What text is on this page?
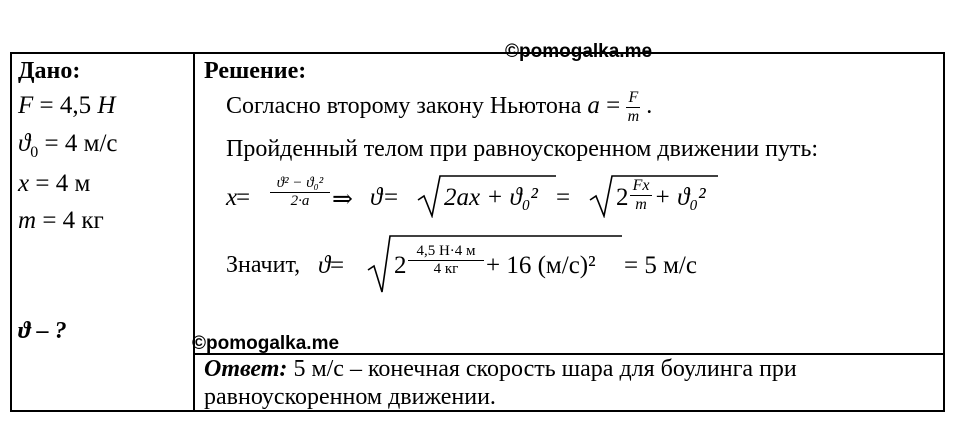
©pomogalka.me
©pomogalka.me
Дано:
F = 4,5 H
$ϑ_0 = 4$ м/с
x = 4 м
m = 4 кг
ϑ – ?
Решение:
Согласно второму закону Ньютона $a = \frac{F}{m}$ .
Пройденный телом при равноускоренном движении путь:
x
= $\frac{\text{ϑ² − ϑ₀²}}{2\cdot a}$ ⇒ $ϑ = 2ax + ϑ_0^2 = 2 \frac{Fx}{m} + ϑ_0^2$
Значит, ϑ = 2
4,5 Н·4 м
4 кг	+ 16 (м/с)² = 5 м/с
Ответ: 5 м/с – конечная скорость шара для боулинга при
равноускоренном движении.
